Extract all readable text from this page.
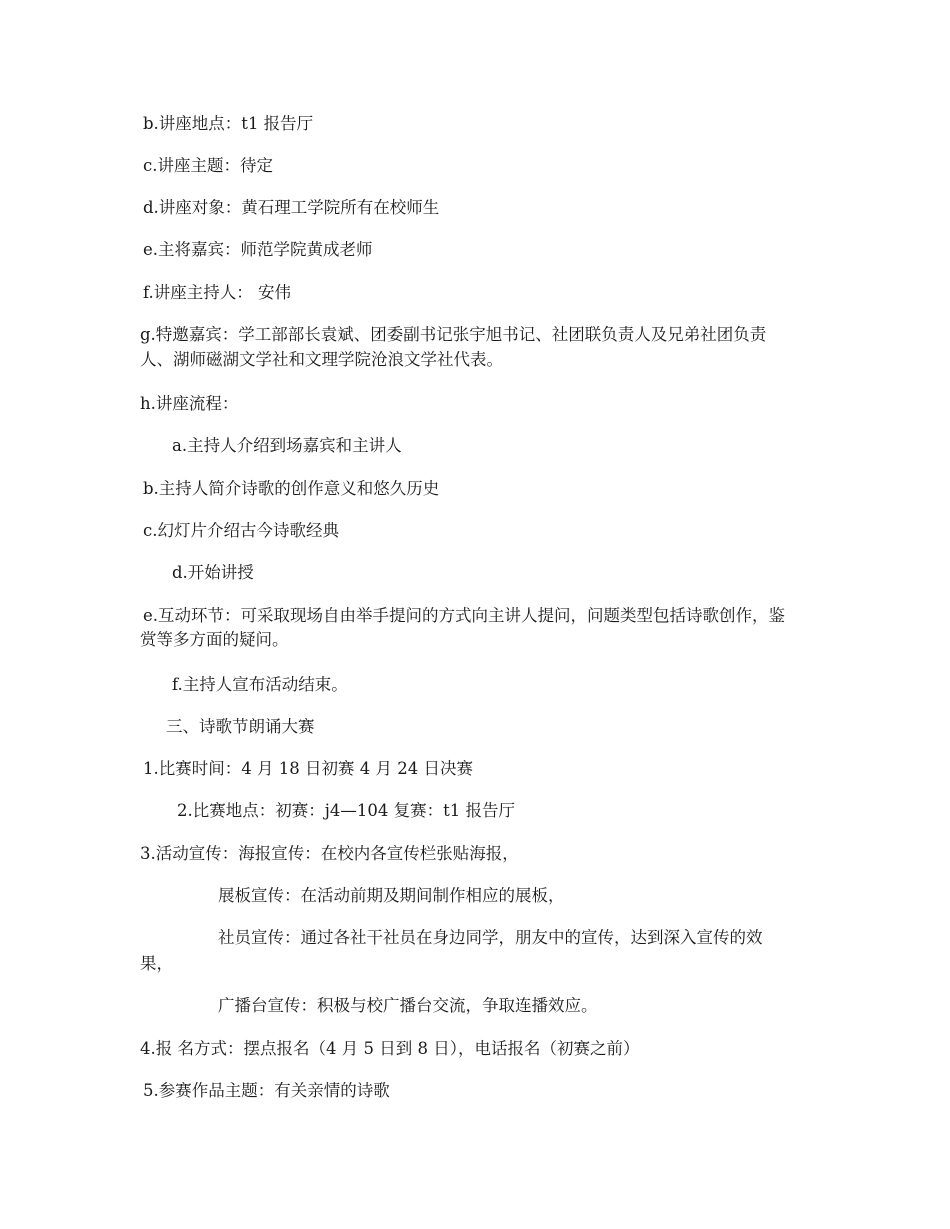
b.讲座地点：t1 报告厅
c.讲座主题：待定
d.讲座对象：黄石理工学院所有在校师生
e.主将嘉宾：师范学院黄成老师
f.讲座主持人： 安伟
g.特邀嘉宾：学工部部长袁斌、团委副书记张宇旭书记、社团联负责人及兄弟社团负责
人、湖师磁湖文学社和文理学院沧浪文学社代表。
h.讲座流程：
a.主持人介绍到场嘉宾和主讲人
b.主持人简介诗歌的创作意义和悠久历史
c.幻灯片介绍古今诗歌经典
d.开始讲授
e.互动环节：可采取现场自由举手提问的方式向主讲人提问，问题类型包括诗歌创作，鉴
赏等多方面的疑问。
f.主持人宣布活动结束。
三、诗歌节朗诵大赛
1.比赛时间：4 月 18 日初赛 4 月 24 日决赛
2.比赛地点：初赛：j4—104 复赛：t1 报告厅
3.活动宣传：海报宣传：在校内各宣传栏张贴海报，
展板宣传：在活动前期及期间制作相应的展板，
社员宣传：通过各社干社员在身边同学，朋友中的宣传，达到深入宣传的效
果，
广播台宣传：积极与校广播台交流，争取连播效应。
4.报 名方式：摆点报名（4 月 5 日到 8 日），电话报名（初赛之前）
5.参赛作品主题：有关亲情的诗歌
